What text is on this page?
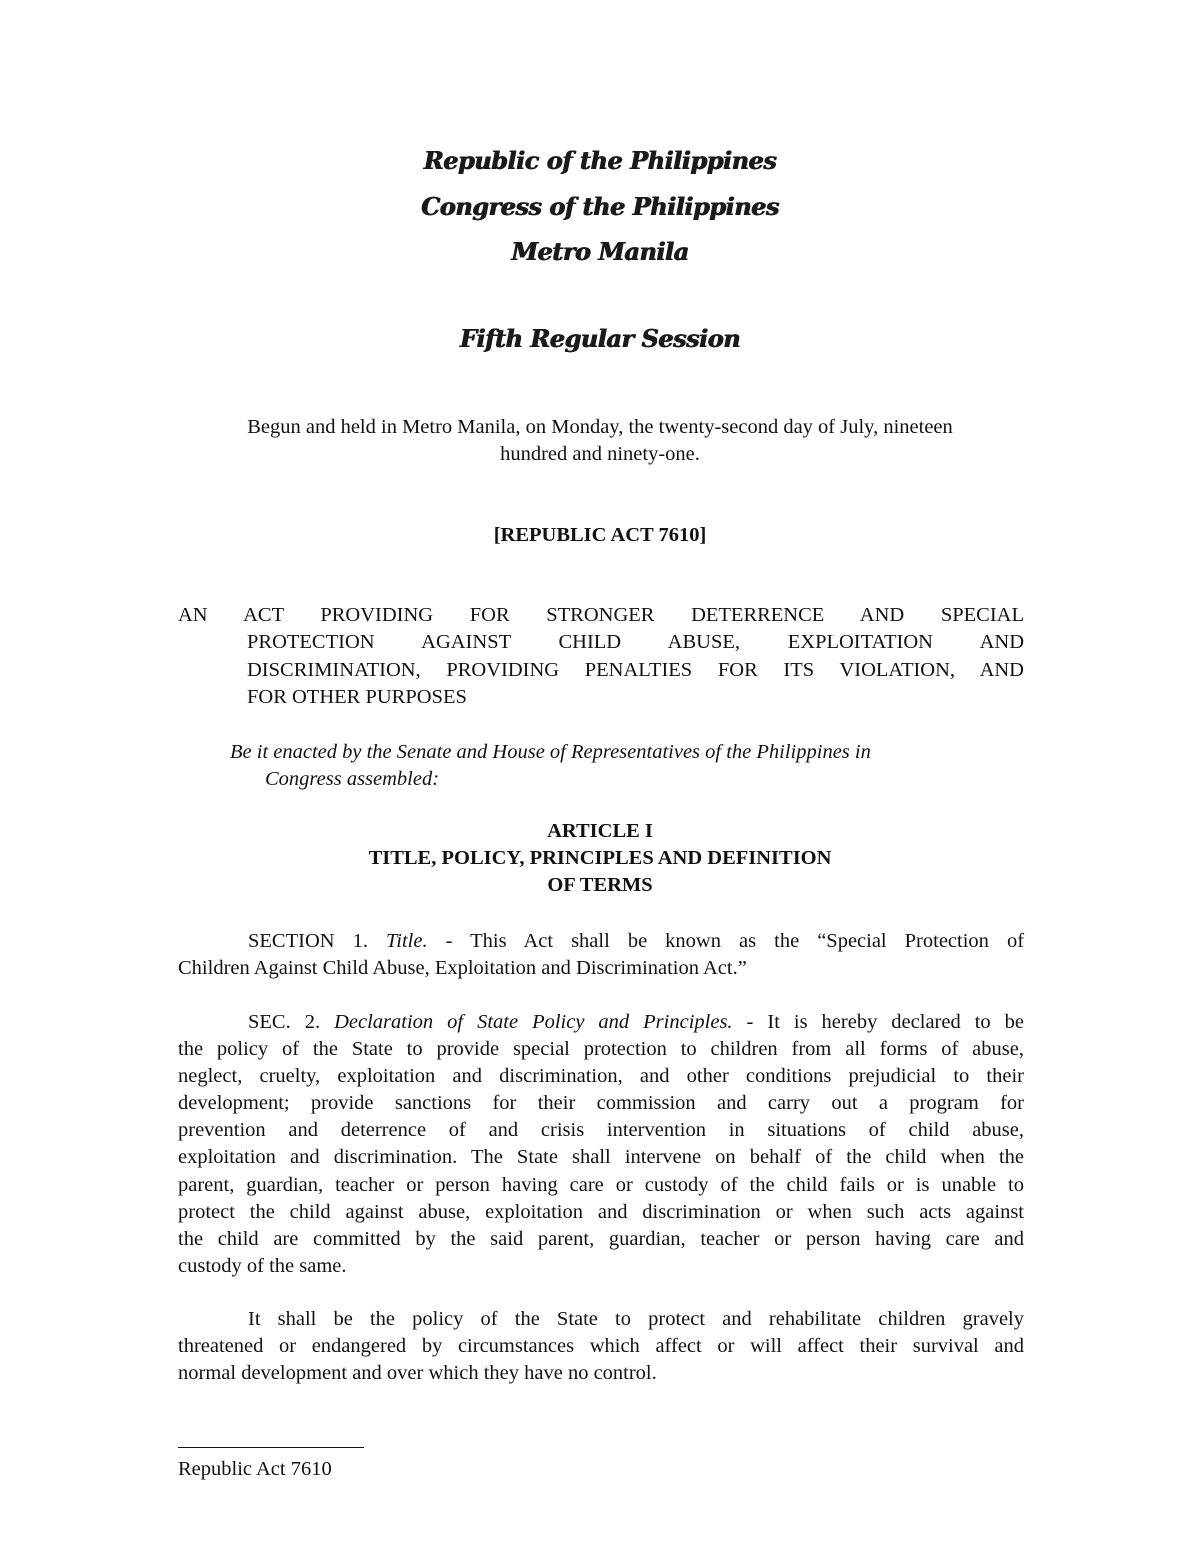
Republic of the Philippines
Congress of the Philippines
Metro Manila
Fifth Regular Session
Begun and held in Metro Manila, on Monday, the twenty-second day of July, nineteen
hundred and ninety-one.
[REPUBLIC ACT 7610]
AN ACT PROVIDING FOR STRONGER DETERRENCE AND SPECIAL
PROTECTION AGAINST CHILD ABUSE, EXPLOITATION AND
DISCRIMINATION, PROVIDING PENALTIES FOR ITS VIOLATION, AND
FOR OTHER PURPOSES
Be it enacted by the Senate and House of Representatives of the Philippines in
Congress assembled:
ARTICLE I
TITLE, POLICY, PRINCIPLES AND DEFINITION
OF TERMS
SECTION 1. Title. - This Act shall be known as the “Special Protection of
Children Against Child Abuse, Exploitation and Discrimination Act.”
SEC. 2. Declaration of State Policy and Principles. - It is hereby declared to be
the policy of the State to provide special protection to children from all forms of abuse,
neglect, cruelty, exploitation and discrimination, and other conditions prejudicial to their
development; provide sanctions for their commission and carry out a program for
prevention and deterrence of and crisis intervention in situations of child abuse,
exploitation and discrimination. The State shall intervene on behalf of the child when the
parent, guardian, teacher or person having care or custody of the child fails or is unable to
protect the child against abuse, exploitation and discrimination or when such acts against
the child are committed by the said parent, guardian, teacher or person having care and
custody of the same.
It shall be the policy of the State to protect and rehabilitate children gravely
threatened or endangered by circumstances which affect or will affect their survival and
normal development and over which they have no control.
Republic Act 7610
